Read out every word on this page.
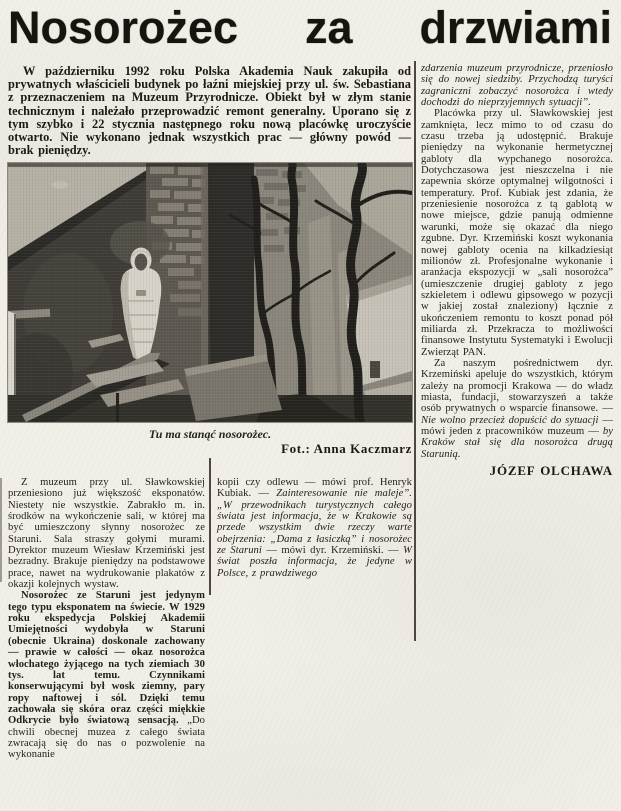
Nosorożec za drzwiami

W październiku 1992 roku Polska Akademia Nauk zakupiła od prywatnych właścicieli budynek po łaźni miejskiej przy ul. św. Sebastiana z przeznaczeniem na Muzeum Przyrodnicze. Obiekt był w złym stanie technicznym i należało przeprowadzić remont generalny. Uporano się z tym szybko i 22 stycznia następnego roku nową placówkę uroczyście otwarto. Nie wykonano jednak wszystkich prac — główny powód — brak pieniędzy.

Tu ma stanąć nosorożec.
Fot.: Anna Kaczmarz

Z muzeum przy ul. Sławkowskiej przeniesiono już większość eksponatów. Niestety nie wszystkie. Zabrakło m. in. środków na wykończenie sali, w której ma być umieszczony słynny nosorożec ze Staruni. Sala straszy gołymi murami. Dyrektor muzeum Wiesław Krzemiński jest bezradny. Brakuje pieniędzy na podstawowe prace, nawet na wydrukowanie plakatów z okazji kolejnych wystaw.

Nosorożec ze Staruni jest jedynym tego typu eksponatem na świecie. W 1929 roku ekspedycja Polskiej Akademii Umiejętności wydobyła w Staruni (obecnie Ukraina) doskonale zachowany — prawie w całości — okaz nosorożca włochatego żyjącego na tych ziemiach 30 tys. lat temu. Czynnikami konserwującymi był wosk ziemny, pary ropy naftowej i sól. Dzięki temu zachowała się skóra oraz części miękkie Odkrycie było światową sensacją. „Do chwili obecnej muzea z całego świata zwracają się do nas o pozwolenie na wykonanie

kopii czy odlewu — mówi prof. Henryk Kubiak. — Zainteresowanie nie maleje”. „W przewodnikach turystycznych całego świata jest informacja, że w Krakowie są przede wszystkim dwie rzeczy warte obejrzenia: „Dama z łasiczką” i nosorożec ze Staruni — mówi dyr. Krzemiński. — W świat poszła informacja, że jedyne w Polsce, z prawdziwego

zdarzenia muzeum przyrodnicze, przeniosło się do nowej siedziby. Przychodzą turyści zagraniczni zobaczyć nosorożca i wtedy dochodzi do nieprzyjemnych sytuacji”.

Placówka przy ul. Sławkowskiej jest zamknięta, lecz mimo to od czasu do czasu trzeba ją udostępnić. Brakuje pieniędzy na wykonanie hermetycznej gabloty dla wypchanego nosorożca. Dotychczasowa jest nieszczelna i nie zapewnia skórze optymalnej wilgotności i temperatury. Prof. Kubiak jest zdania, że przeniesienie nosorożca z tą gablotą w nowe miejsce, gdzie panują odmienne warunki, może się okazać dla niego zgubne. Dyr. Krzemiński koszt wykonania nowej gabloty ocenia na kilkadziesiąt milionów zł. Profesjonalne wykonanie i aranżacja ekspozycji w „sali nosorożca” (umieszczenie drugiej gabloty z jego szkieletem i odlewu gipsowego w pozycji w jakiej został znaleziony) łącznie z ukończeniem remontu to koszt ponad pół miliarda zł. Przekracza to możliwości finansowe Instytutu Systematyki i Ewolucji Zwierząt PAN.

Za naszym pośrednictwem dyr. Krzemiński apeluje do wszystkich, którym zależy na promocji Krakowa — do władz miasta, fundacji, stowarzyszeń a także osób prywatnych o wsparcie finansowe. — Nie wolno przecież dopuścić do sytuacji — mówi jeden z pracowników muzeum — by Kraków stał się dla nosorożca drugą Starunią.

JÓZEF OLCHAWA
